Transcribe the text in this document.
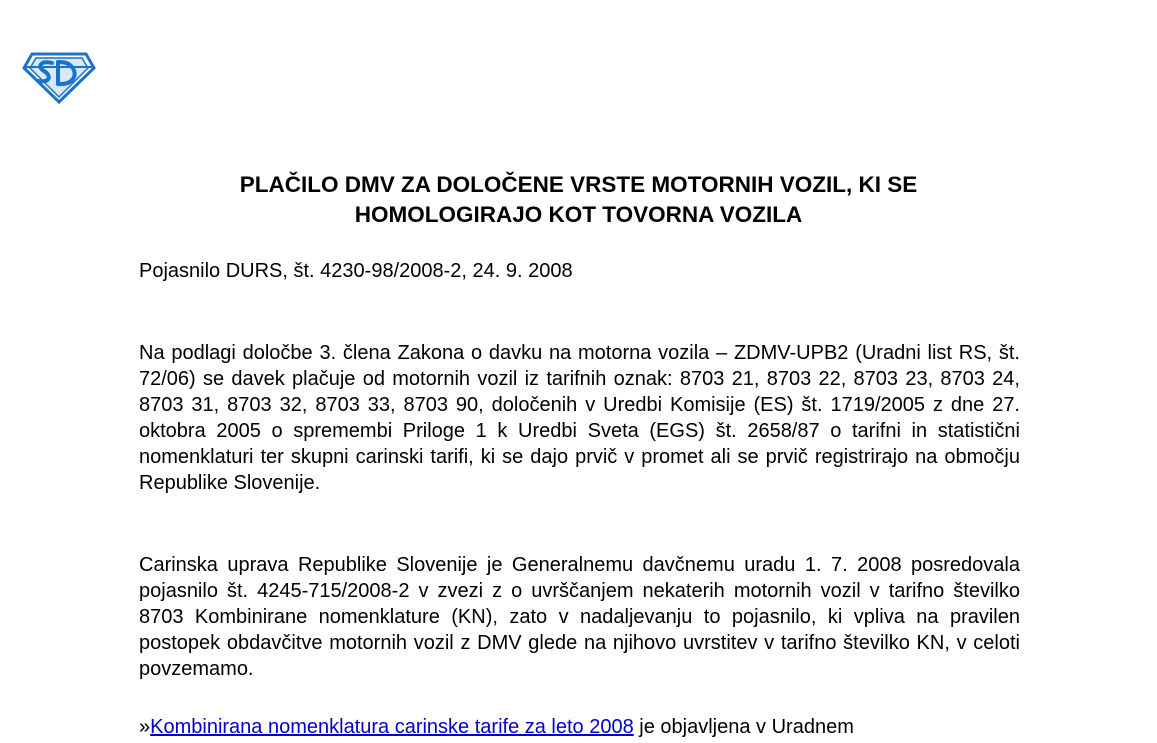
PLAČILO DMV ZA DOLOČENE VRSTE MOTORNIH VOZIL, KI SE
HOMOLOGIRAJO KOT TOVORNA VOZILA

Pojasnilo DURS, št. 4230-98/2008-2, 24. 9. 2008

Na podlagi določbe 3. člena Zakona o davku na motorna vozila – ZDMV-UPB2 (Uradni list RS, št. 72/06) se davek plačuje od motornih vozil iz tarifnih oznak: 8703 21, 8703 22, 8703 23, 8703 24, 8703 31, 8703 32, 8703 33, 8703 90, določenih v Uredbi Komisije (ES) št. 1719/2005 z dne 27. oktobra 2005 o spremembi Priloge 1 k Uredbi Sveta (EGS) št. 2658/87 o tarifni in statistični nomenklaturi ter skupni carinski tarifi, ki se dajo prvič v promet ali se prvič registrirajo na območju Republike Slovenije.

Carinska uprava Republike Slovenije je Generalnemu davčnemu uradu 1. 7. 2008 posredovala pojasnilo št. 4245-715/2008-2 v zvezi z o uvrščanjem nekaterih motornih vozil v tarifno številko 8703 Kombinirane nomenklature (KN), zato v nadaljevanju to pojasnilo, ki vpliva na pravilen postopek obdavčitve motornih vozil z DMV glede na njihovo uvrstitev v tarifno številko KN, v celoti povzemamo.

»Kombinirana nomenklatura carinske tarife za leto 2008 je objavljena v Uradnem
